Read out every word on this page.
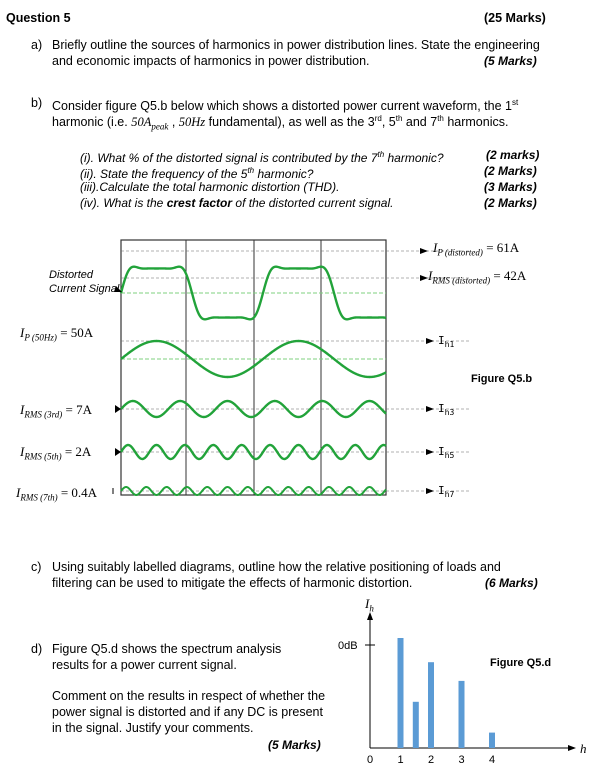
Question 5	(25 Marks)
a) Briefly outline the sources of harmonics in power distribution lines. State the engineering
and economic impacts of harmonics in power distribution.	(5 Marks)
b) Consider figure Q5.b below which shows a distorted power current waveform, the 1st
harmonic (i.e. $50A_{peak}$ , 50Hz fundamental), as well as the 3rd, 5th and 7th harmonics.
(i). What % of the distorted signal is contributed by the 7th harmonic?	(2 marks)
(ii). State the frequency of the 5th harmonic?	(2 Marks)
(iii).Calculate the total harmonic distortion (THD).	(3 Marks)
(iv). What is the crest factor of the distorted current signal.	(2 Marks)
Distorted
Current Signal
$I_{P (distorted)} = 61A$
$I_{RMS (distorted)} = 42A$
$I_{P (50Hz)} = 50A$
$I_{RMS (3rd)} = 7A$
$I_{RMS (5th)} = 2A$
$I_{RMS (7th)} = 0.4A$
$I_{h1}$
$I_{h3}$
$I_{h5}$
$I_{h7}$
Figure Q5.b
c) Using suitably labelled diagrams, outline how the relative positioning of loads and
filtering can be used to mitigate the effects of harmonic distortion.	(6 Marks)
d) Figure Q5.d shows the spectrum analysis
results for a power current signal.
Comment on the results in respect of whether the
power signal is distorted and if any DC is present
in the signal. Justify your comments.
(5 Marks)
$I_h$
0dB
Figure Q5.d
h
0 1 2 3 4
